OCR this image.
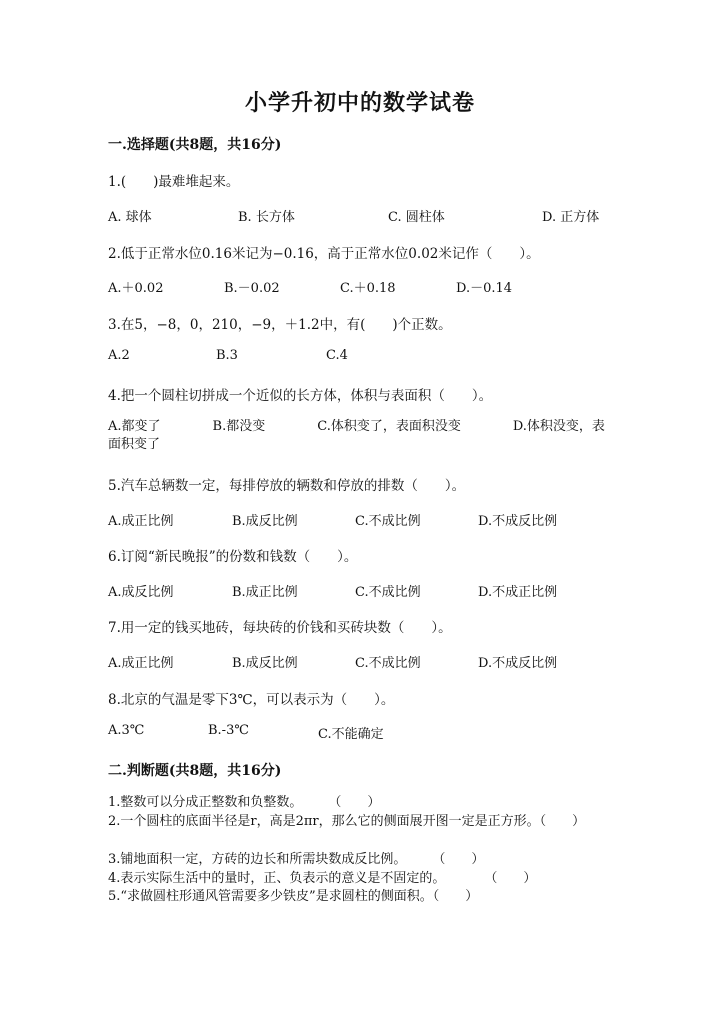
小学升初中的数学试卷
一.选择题(共8题，共16分)
1.(　　)最难堆起来。
A. 球体	B. 长方体	C. 圆柱体	D. 正方体
2.低于正常水位0.16米记为−0.16，高于正常水位0.02米记作（　　）。
A.＋0.02	B.－0.02	C.＋0.18	D.－0.14
3.在5，−8，0，210，−9，＋1.2中，有(　　)个正数。
A.2	B.3	C.4
4.把一个圆柱切拼成一个近似的长方体，体积与表面积（　　）。
A.都变了　　　　B.都没变　　　　C.体积变了，表面积没变　　　　D.体积没变，表面积变了
5.汽车总辆数一定，每排停放的辆数和停放的排数（　　）。
A.成正比例	B.成反比例	C.不成比例	D.不成反比例
6.订阅“新民晚报”的份数和钱数（　　）。
A.成反比例	B.成正比例	C.不成比例	D.不成正比例
7.用一定的钱买地砖，每块砖的价钱和买砖块数（　　）。
A.成正比例	B.成反比例	C.不成比例	D.不成反比例
8.北京的气温是零下3℃，可以表示为（　　）。
A.3℃	B.-3℃	C.不能确定
二.判断题(共8题，共16分)
1.整数可以分成正整数和负整数。　　　（　　）
2.一个圆柱的底面半径是r，高是2πr，那么它的侧面展开图一定是正方形。（　　）
3.铺地面积一定，方砖的边长和所需块数成反比例。　　　（　　）
4.表示实际生活中的量时，正、负表示的意义是不固定的。　　　　（　　）
5.“求做圆柱形通风管需要多少铁皮”是求圆柱的侧面积。（　　）
